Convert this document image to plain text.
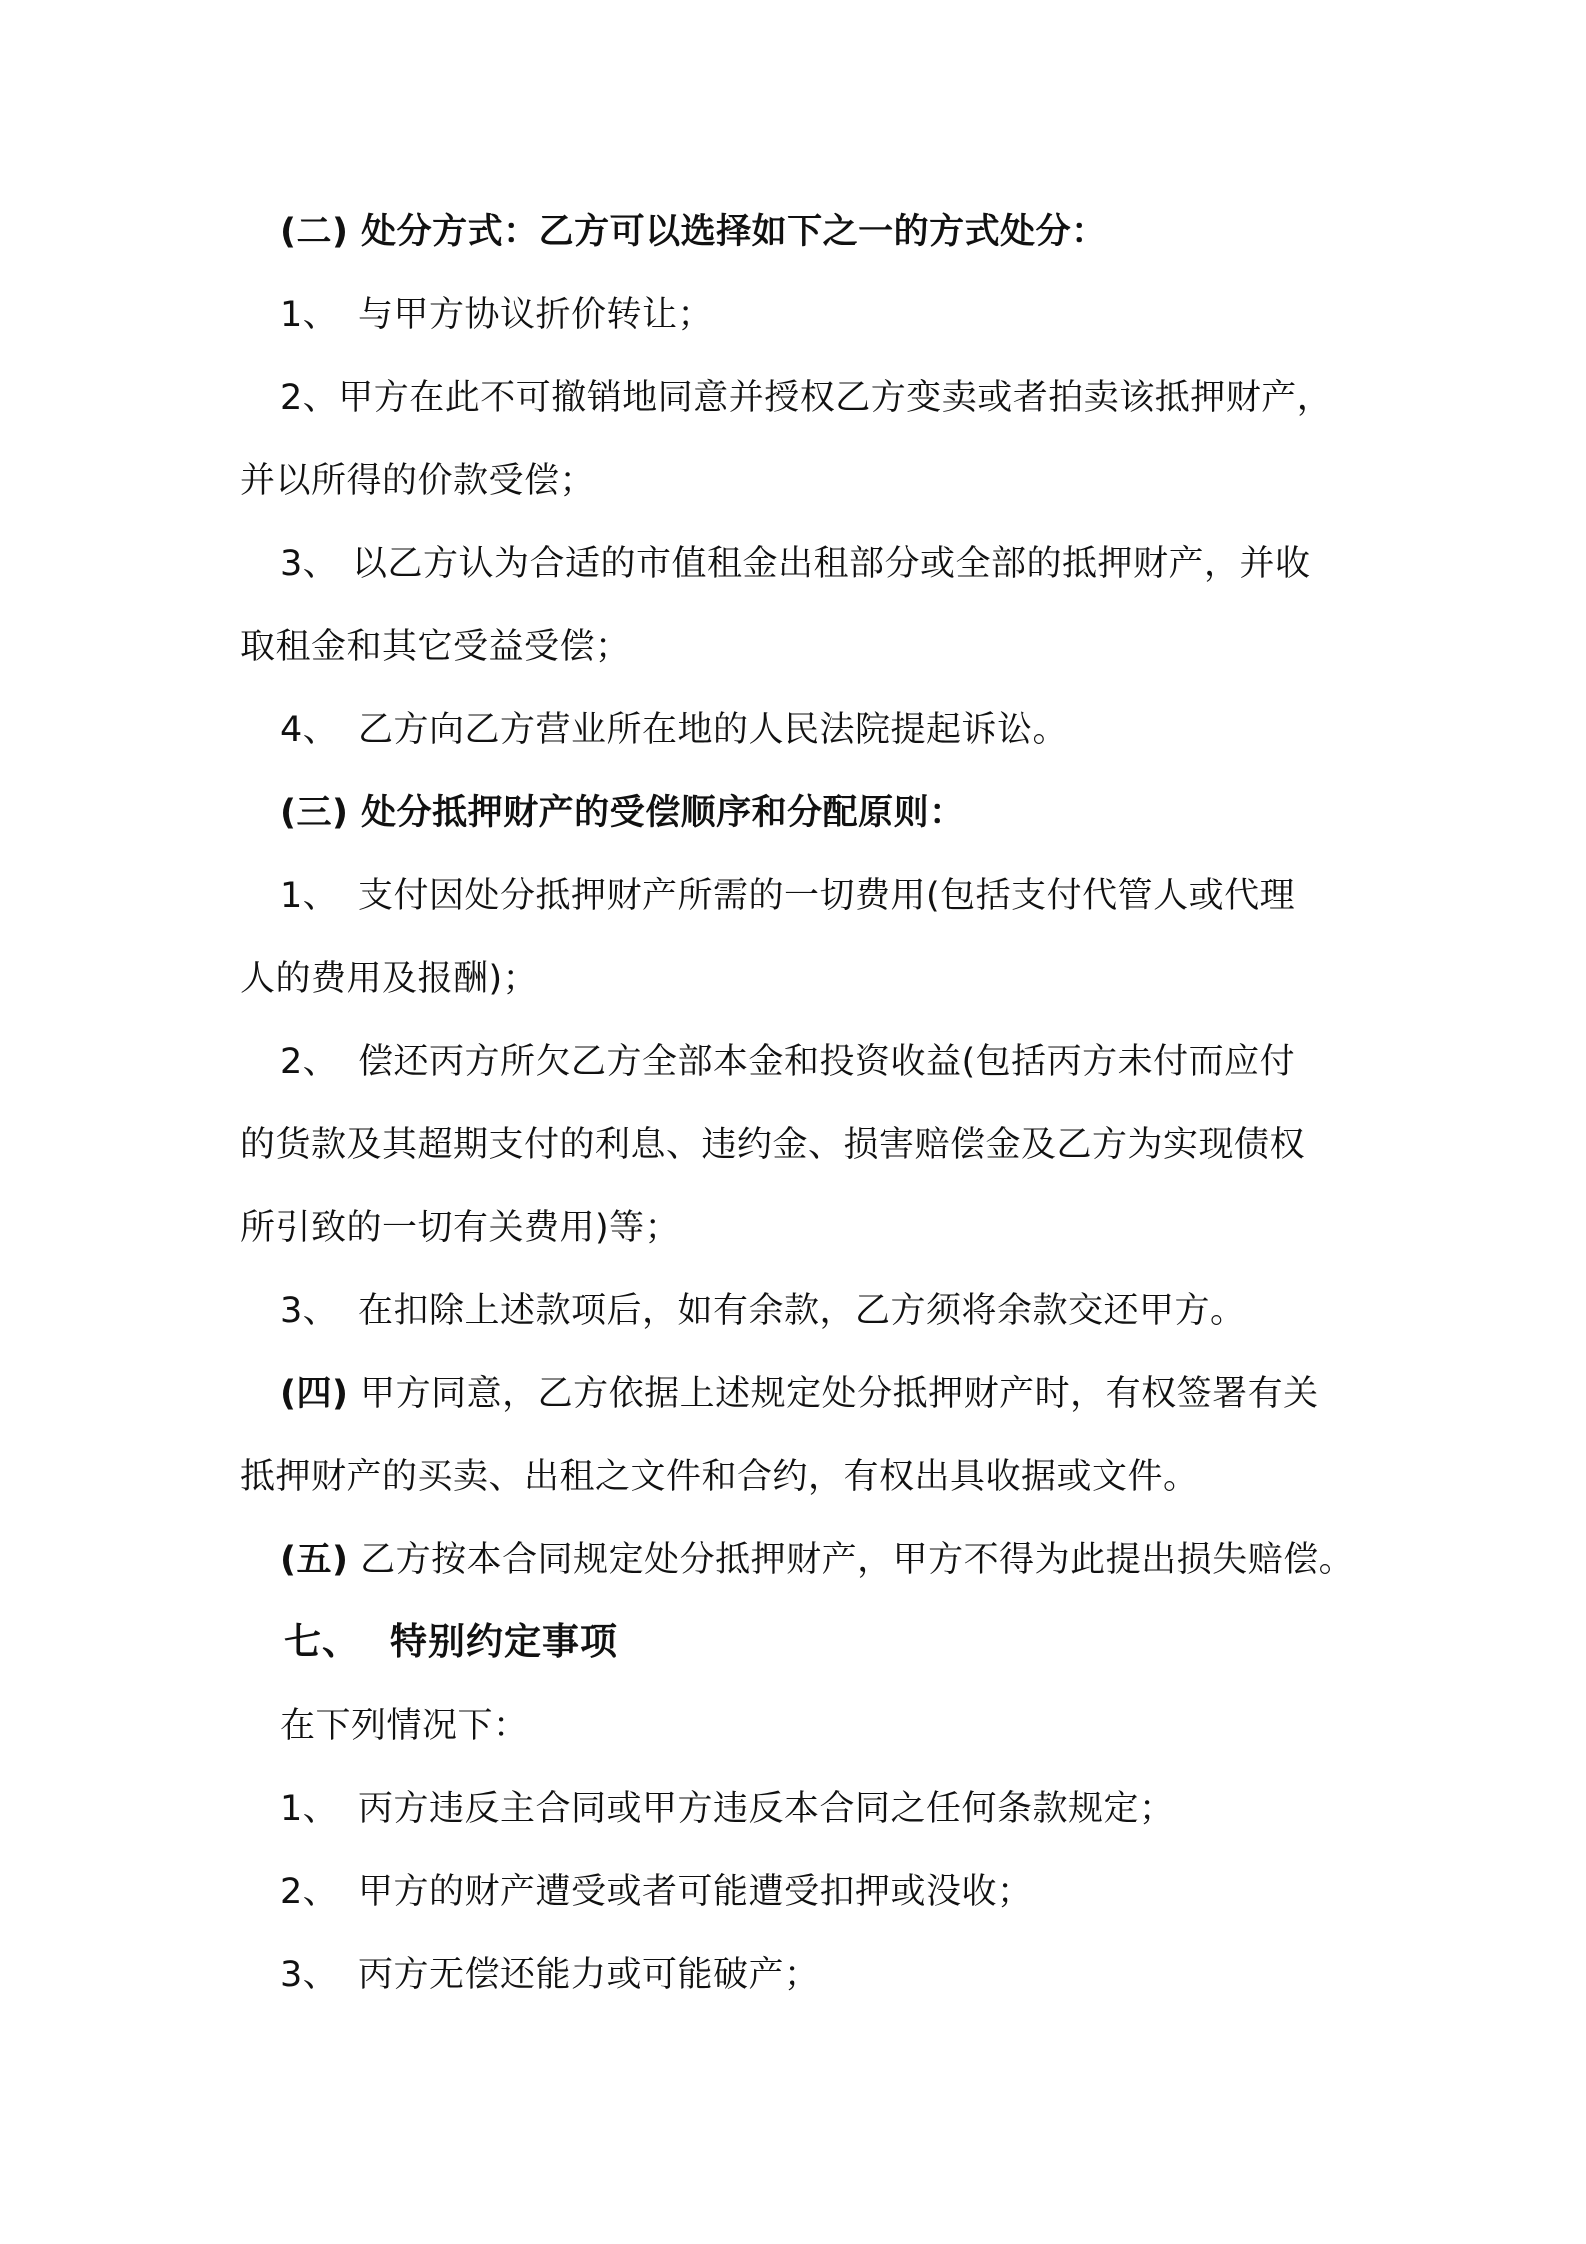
(二) 处分方式：乙方可以选择如下之一的方式处分：
1、 与甲方协议折价转让；
2、甲方在此不可撤销地同意并授权乙方变卖或者拍卖该抵押财产，
并以所得的价款受偿；
3、 以乙方认为合适的市值租金出租部分或全部的抵押财产，并收
取租金和其它受益受偿；
4、 乙方向乙方营业所在地的人民法院提起诉讼。
(三) 处分抵押财产的受偿顺序和分配原则：
1、 支付因处分抵押财产所需的一切费用(包括支付代管人或代理
人的费用及报酬)；
2、 偿还丙方所欠乙方全部本金和投资收益(包括丙方未付而应付
的货款及其超期支付的利息、违约金、损害赔偿金及乙方为实现债权
所引致的一切有关费用)等；
3、 在扣除上述款项后，如有余款，乙方须将余款交还甲方。
(四) 甲方同意，乙方依据上述规定处分抵押财产时，有权签署有关
抵押财产的买卖、出租之文件和合约，有权出具收据或文件。
(五) 乙方按本合同规定处分抵押财产，甲方不得为此提出损失赔偿。
七、 特别约定事项
在下列情况下：
1、 丙方违反主合同或甲方违反本合同之任何条款规定；
2、 甲方的财产遭受或者可能遭受扣押或没收；
3、 丙方无偿还能力或可能破产；
